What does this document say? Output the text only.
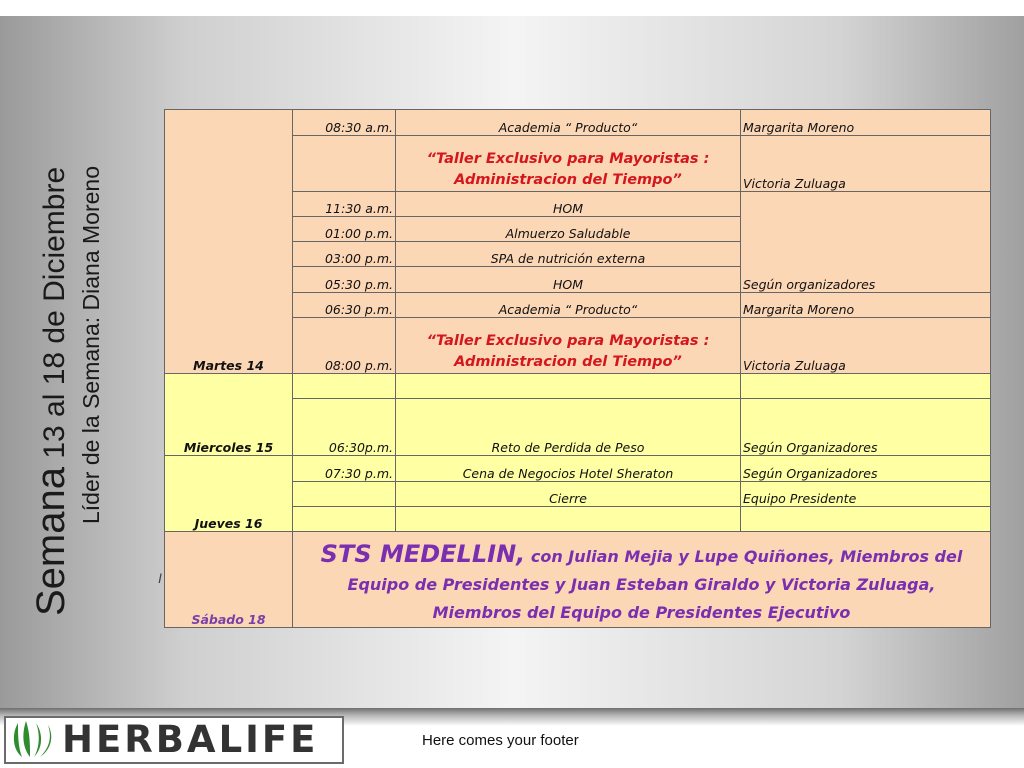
Semana 13 al 18 de Diciembre Líder de la Semana: Diana Moreno
I
Martes 14	08:30 a.m.	Academia “ Producto“	Margarita Moreno
		“Taller Exclusivo para Mayoristas : Administracion del Tiempo”	Victoria Zuluaga
	11:30 a.m.	HOM	Según organizadores
	01:00 p.m.	Almuerzo Saludable	
	03:00 p.m.	SPA de nutrición externa	
	05:30 p.m.	HOM	
	06:30 p.m.	Academia “ Producto“	Margarita Moreno
	08:00 p.m.	“Taller Exclusivo para Mayoristas : Administracion del Tiempo”	Victoria Zuluaga
Miercoles 15			
	06:30p.m.	Reto de Perdida de Peso	Según Organizadores
Jueves 16	07:30 p.m.	Cena de Negocios Hotel Sheraton	Según Organizadores
		Cierre	Equipo Presidente

Sábado 18	STS MEDELLIN, con Julian Mejia y Lupe Quiñones, Miembros del
Equipo de Presidentes y Juan Esteban Giraldo y Victoria Zuluaga,
Miembros del Equipo de Presidentes Ejecutivo		
HERBALIFE	Here comes your footer
